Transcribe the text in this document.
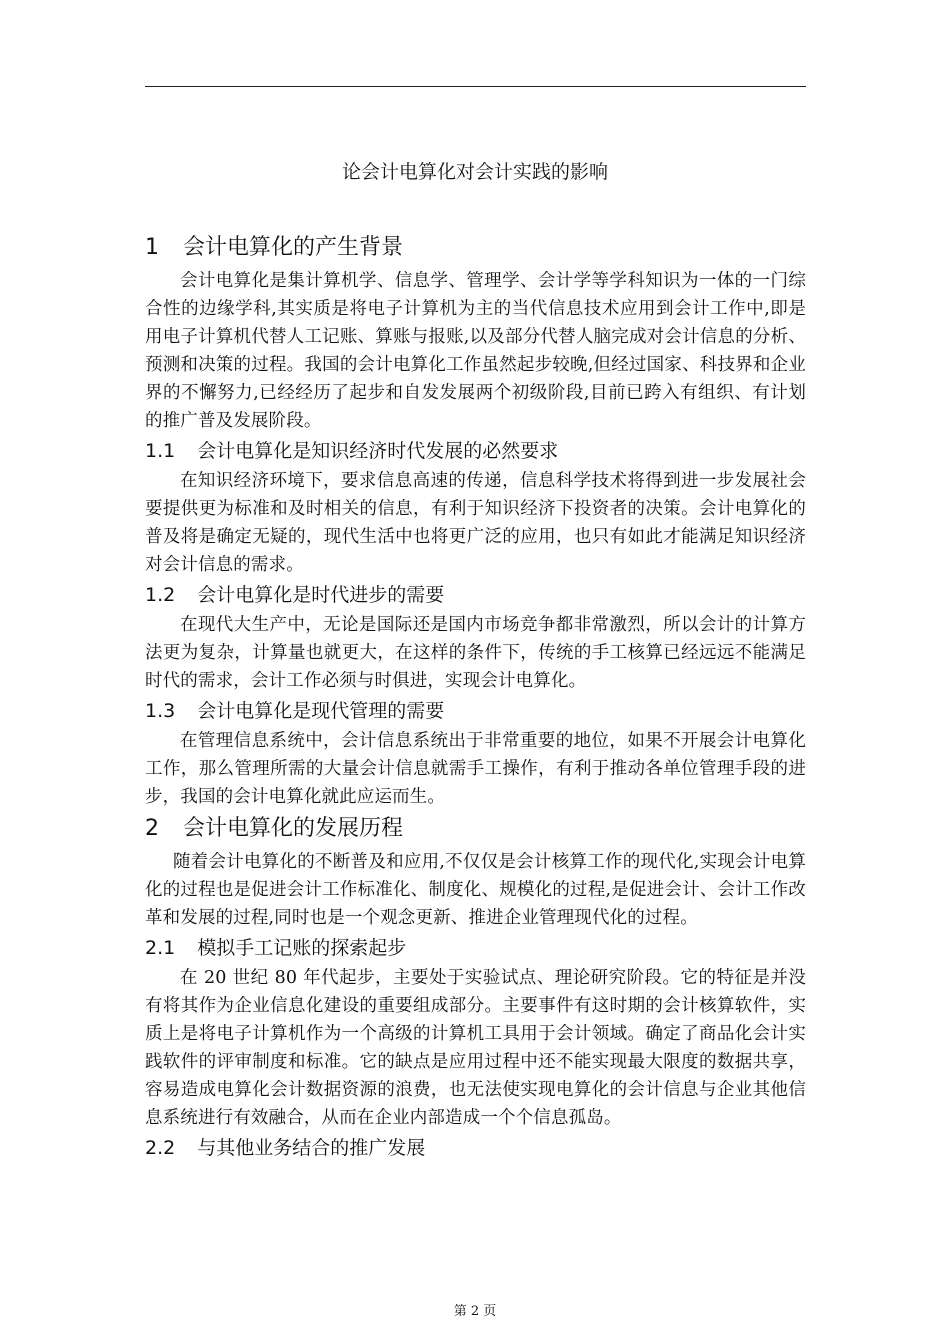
论会计电算化对会计实践的影响
1 会计电算化的产生背景

会计电算化是集计算机学、信息学、管理学、会计学等学科知识为一体的一门综合性的边缘学科,其实质是将电子计算机为主的当代信息技术应用到会计工作中,即是用电子计算机代替人工记账、算账与报账,以及部分代替人脑完成对会计信息的分析、预测和决策的过程。我国的会计电算化工作虽然起步较晚,但经过国家、科技界和企业界的不懈努力,已经经历了起步和自发发展两个初级阶段,目前已跨入有组织、有计划的推广普及发展阶段。

1.1 会计电算化是知识经济时代发展的必然要求

在知识经济环境下，要求信息高速的传递，信息科学技术将得到进一步发展社会要提供更为标准和及时相关的信息，有利于知识经济下投资者的决策。会计电算化的普及将是确定无疑的，现代生活中也将更广泛的应用，也只有如此才能满足知识经济对会计信息的需求。

1.2 会计电算化是时代进步的需要

在现代大生产中，无论是国际还是国内市场竞争都非常激烈，所以会计的计算方法更为复杂，计算量也就更大，在这样的条件下，传统的手工核算已经远远不能满足时代的需求，会计工作必须与时俱进，实现会计电算化。

1.3 会计电算化是现代管理的需要

在管理信息系统中，会计信息系统出于非常重要的地位，如果不开展会计电算化工作，那么管理所需的大量会计信息就需手工操作，有利于推动各单位管理手段的进步，我国的会计电算化就此应运而生。

2 会计电算化的发展历程

随着会计电算化的不断普及和应用,不仅仅是会计核算工作的现代化,实现会计电算化的过程也是促进会计工作标准化、制度化、规模化的过程,是促进会计、会计工作改革和发展的过程,同时也是一个观念更新、推进企业管理现代化的过程。

2.1 模拟手工记账的探索起步

在 20 世纪 80 年代起步，主要处于实验试点、理论研究阶段。它的特征是并没有将其作为企业信息化建设的重要组成部分。主要事件有这时期的会计核算软件，实质上是将电子计算机作为一个高级的计算机工具用于会计领域。确定了商品化会计实践软件的评审制度和标准。它的缺点是应用过程中还不能实现最大限度的数据共享，容易造成电算化会计数据资源的浪费，也无法使实现电算化的会计信息与企业其他信息系统进行有效融合，从而在企业内部造成一个个信息孤岛。

2.2 与其他业务结合的推广发展
第 2 页
